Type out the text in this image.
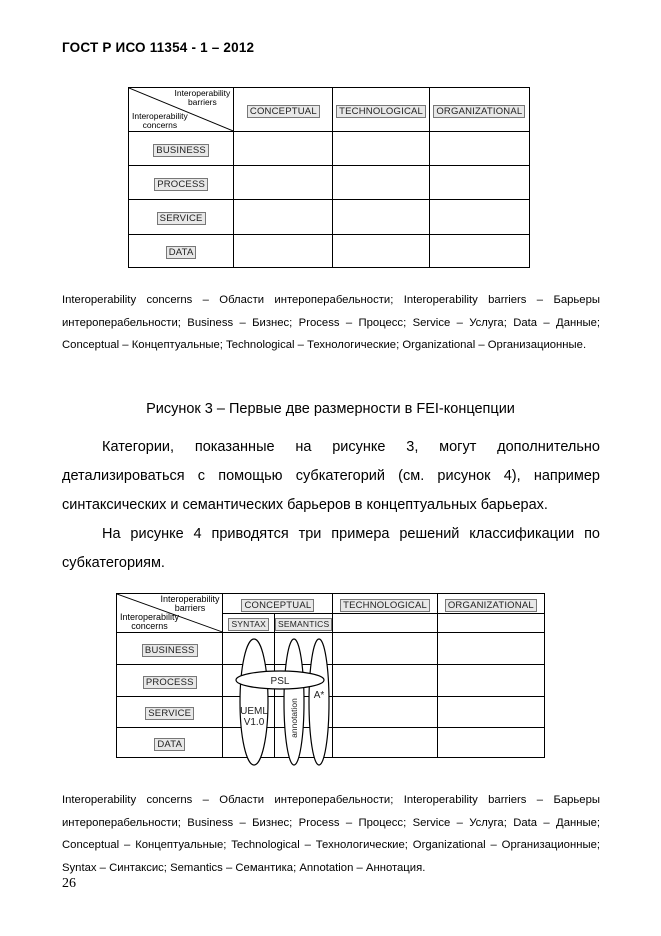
ГОСТ Р ИСО 11354 - 1 – 2012
Interoperability
barriers
Interoperability
concerns	CONCEPTUAL	TECHNOLOGICAL	ORGANIZATIONAL
BUSINESS			
PROCESS			
SERVICE			
DATA			
Interoperability concerns – Области интероперабельности; Interoperability barriers – Барьеры интероперабельности; Business – Бизнес; Process – Процесс; Service – Услуга; Data – Данные; Conceptual – Концептуальные; Technological – Технологические; Organizational – Организационные.
Рисунок 3 – Первые две размерности в FEI-концепции

Категории, показанные на рисунке 3, могут дополнительно детализироваться с помощью субкатегорий (см. рисунок 4), например синтаксических и семантических барьеров в концептуальных барьерах.

На рисунке 4 приводятся три примера решений классификации по субкатегориям.

Interoperability
barriers
Interoperability
concerns	CONCEPTUAL		TECHNOLOGICAL	ORGANIZATIONAL
	SYNTAX	SEMANTICS		
BUSINESS				
PROCESS				
SERVICE				
DATA				
PSL
UEML
V1.0	annotation
A*
Interoperability concerns – Области интероперабельности; Interoperability barriers – Барьеры интероперабельности; Business – Бизнес; Process – Процесс; Service – Услуга; Data – Данные; Conceptual – Концептуальные; Technological – Технологические; Organizational – Организационные; Syntax – Синтаксис; Semantics – Семантика; Annotation – Аннотация.
26
